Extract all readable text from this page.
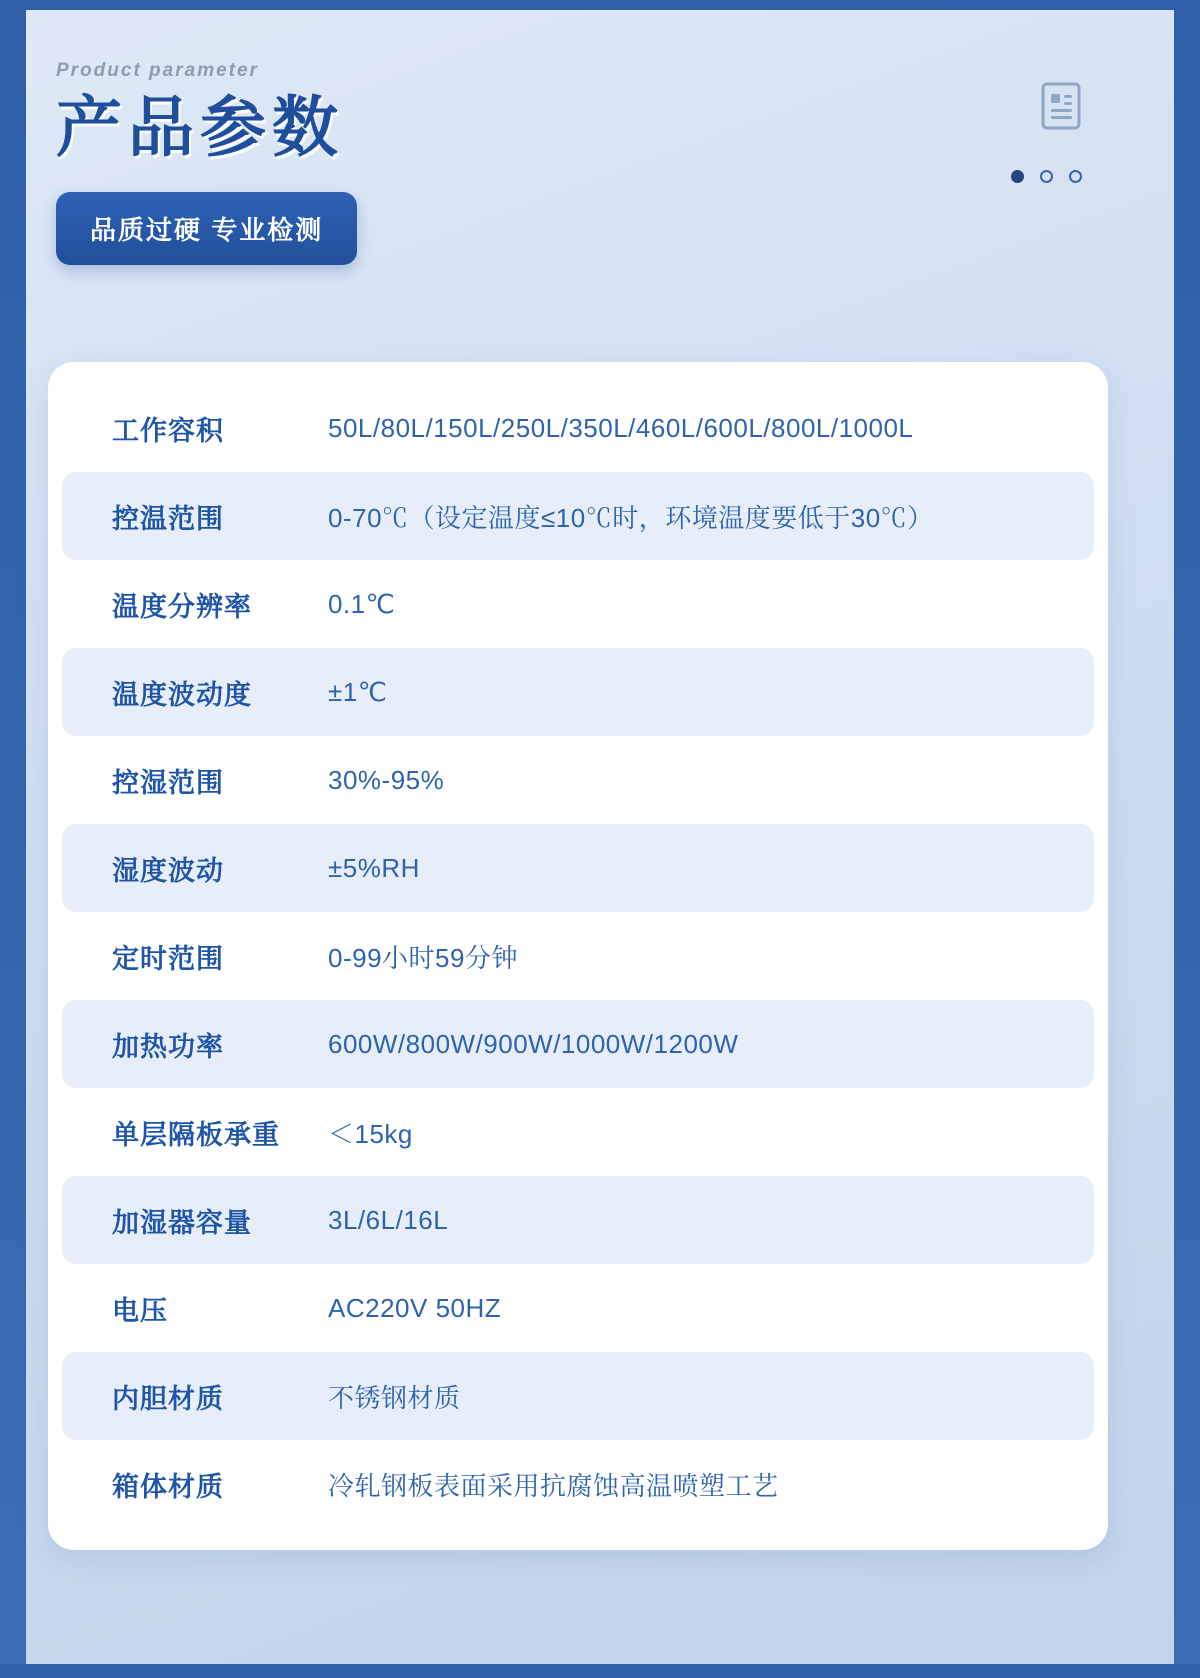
Product parameter
产品参数
品质过硬 专业检测
工作容积	50L/80L/150L/250L/350L/460L/600L/800L/1000L
控温范围	0-70℃（设定温度≤10℃时，环境温度要低于30℃）
温度分辨率	0.1℃
温度波动度	±1℃
控湿范围	30%-95%
湿度波动	±5%RH
定时范围	0-99小时59分钟
加热功率	600W/800W/900W/1000W/1200W
单层隔板承重	＜15kg
加湿器容量	3L/6L/16L
电压	AC220V 50HZ
内胆材质	不锈钢材质
箱体材质	冷轧钢板表面采用抗腐蚀高温喷塑工艺
